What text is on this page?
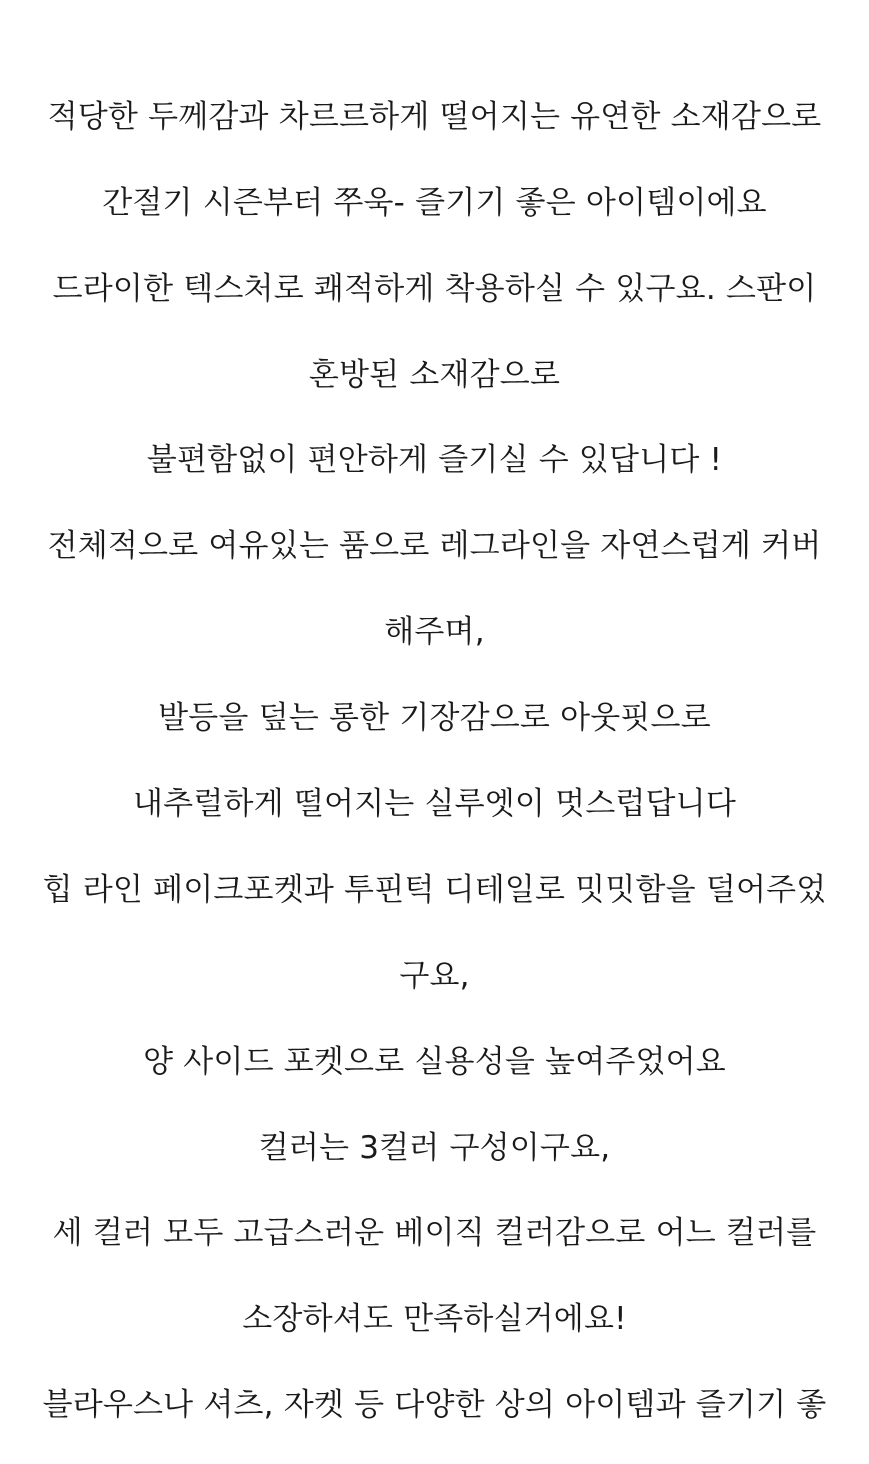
적당한 두께감과 차르르하게 떨어지는 유연한 소재감으로

간절기 시즌부터 쭈욱- 즐기기 좋은 아이템이에요

드라이한 텍스처로 쾌적하게 착용하실 수 있구요. 스판이

혼방된 소재감으로

불편함없이 편안하게 즐기실 수 있답니다 !

전체적으로 여유있는 품으로 레그라인을 자연스럽게 커버

해주며,

발등을 덮는 롱한 기장감으로 아웃핏으로

내추럴하게 떨어지는 실루엣이 멋스럽답니다

힙 라인 페이크포켓과 투핀턱 디테일로 밋밋함을 덜어주었

구요,

양 사이드 포켓으로 실용성을 높여주었어요

컬러는 3컬러 구성이구요,

세 컬러 모두 고급스러운 베이직 컬러감으로 어느 컬러를

소장하셔도 만족하실거에요!

블라우스나 셔츠, 자켓 등 다양한 상의 아이템과 즐기기 좋
